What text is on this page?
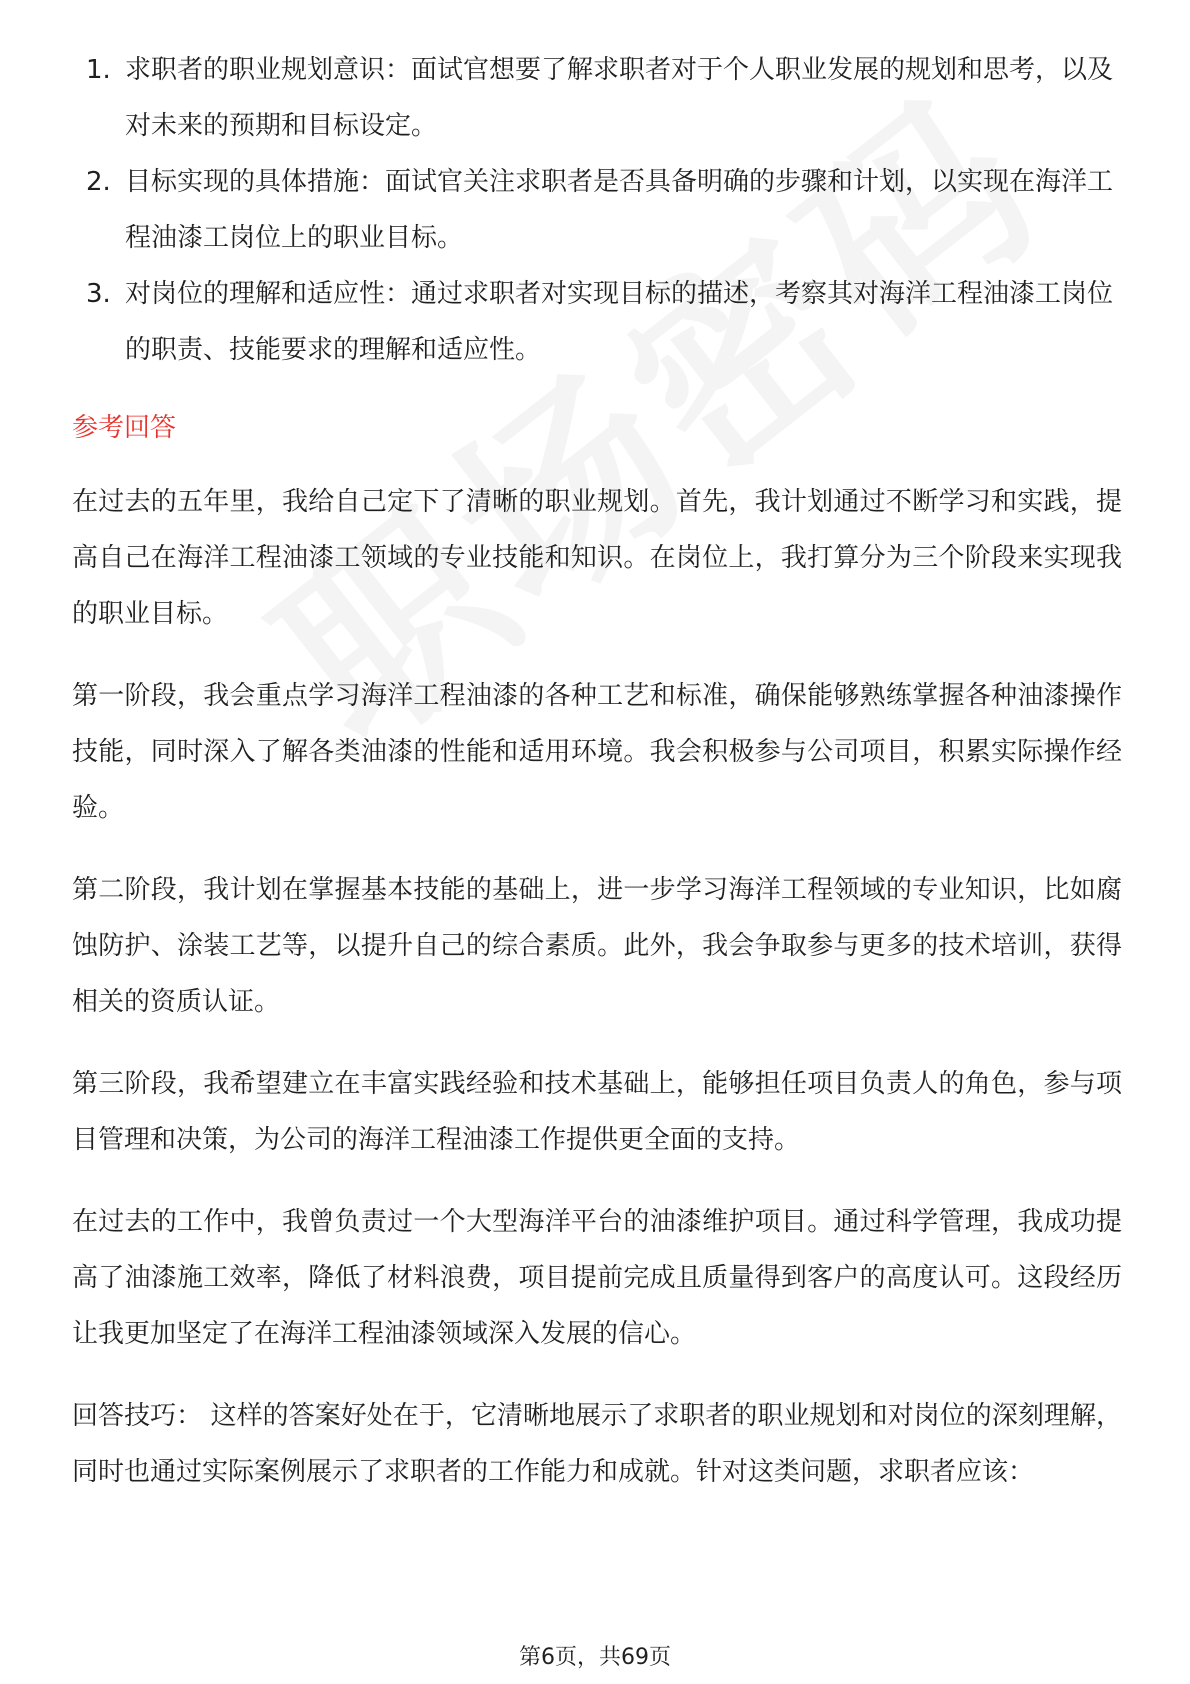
1. 求职者的职业规划意识：面试官想要了解求职者对于个人职业发展的规划和思考，以及对未来的预期和目标设定。
2. 目标实现的具体措施：面试官关注求职者是否具备明确的步骤和计划，以实现在海洋工程油漆工岗位上的职业目标。
3. 对岗位的理解和适应性：通过求职者对实现目标的描述，考察其对海洋工程油漆工岗位的职责、技能要求的理解和适应性。
参考回答

在过去的五年里，我给自己定下了清晰的职业规划。首先，我计划通过不断学习和实践，提高自己在海洋工程油漆工领域的专业技能和知识。在岗位上，我打算分为三个阶段来实现我的职业目标。

第一阶段，我会重点学习海洋工程油漆的各种工艺和标准，确保能够熟练掌握各种油漆操作技能，同时深入了解各类油漆的性能和适用环境。我会积极参与公司项目，积累实际操作经验。

第二阶段，我计划在掌握基本技能的基础上，进一步学习海洋工程领域的专业知识，比如腐蚀防护、涂装工艺等，以提升自己的综合素质。此外，我会争取参与更多的技术培训，获得相关的资质认证。

第三阶段，我希望建立在丰富实践经验和技术基础上，能够担任项目负责人的角色，参与项目管理和决策，为公司的海洋工程油漆工作提供更全面的支持。

在过去的工作中，我曾负责过一个大型海洋平台的油漆维护项目。通过科学管理，我成功提高了油漆施工效率，降低了材料浪费，项目提前完成且质量得到客户的高度认可。这段经历让我更加坚定了在海洋工程油漆领域深入发展的信心。

回答技巧： 这样的答案好处在于，它清晰地展示了求职者的职业规划和对岗位的深刻理解，同时也通过实际案例展示了求职者的工作能力和成就。针对这类问题，求职者应该：

第6页，共69页
